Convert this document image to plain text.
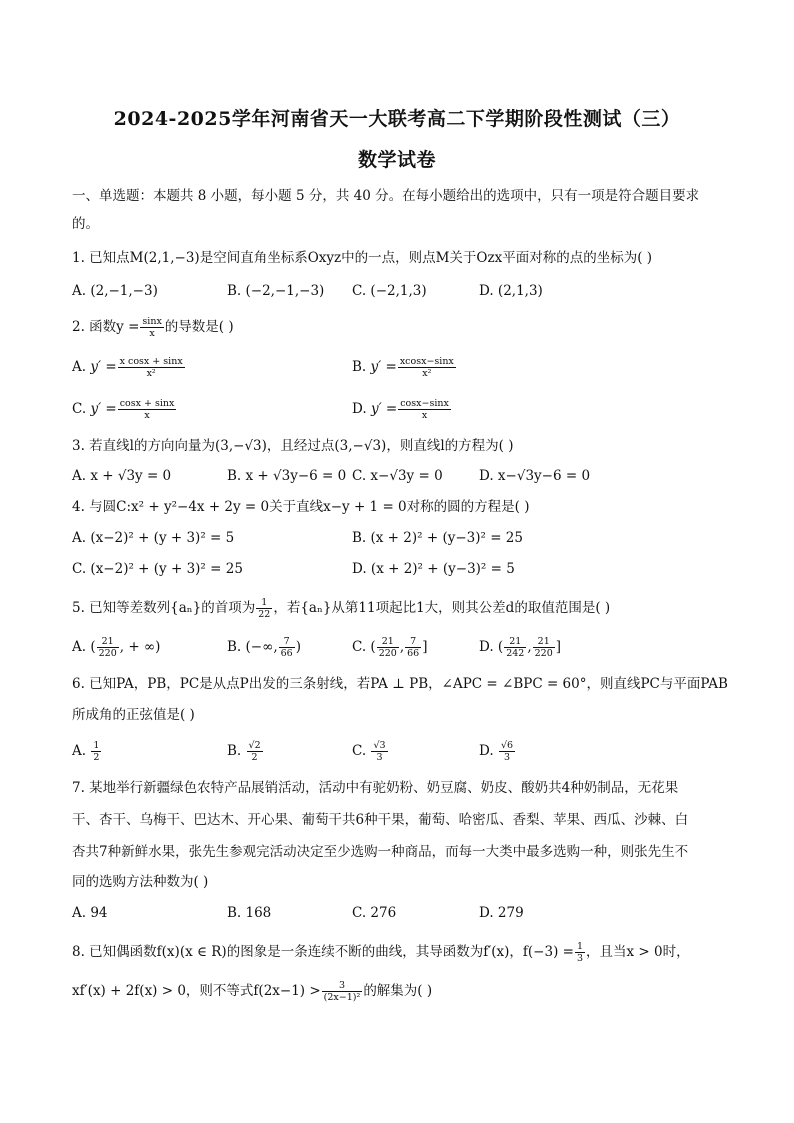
2024-2025学年河南省天一大联考高二下学期阶段性测试（三）
数学试卷
一、单选题：本题共 8 小题，每小题 5 分，共 40 分。在每小题给出的选项中，只有一项是符合题目要求
的。
1. 已知点M(2,1,−3)是空间直角坐标系Oxyz中的一点，则点M关于Ozx平面对称的点的坐标为( )
A. (2,−1,−3)	B. (−2,−1,−3) C. (−2,1,3)	D. (2,1,3)
2. 函数$y = \frac{\sin x}{x}$ 的导数是( )
A. $y' = \frac{\text{x cosx + sinx}}{\text{x²}}$	B. $y' = \frac{xcosx-\sin x}{\text{x²}}$
C. $y' = \frac{\cos x + \sin x}{x}$	D. $y' = \frac{\cos x-\sin x}{x}$
3. 若直线l的方向向量为(3,−√3)，且经过点(3,−√3)，则直线l的方程为( )
A. x + √3y = 0	B. x + √3y−6 = 0 C. x−√3y = 0	D. x−√3y−6 = 0
4. 与圆C:x² + y²−4x + 2y = 0关于直线x−y + 1 = 0对称的圆的方程是( )
A. (x−2)² + (y + 3)² = 5	B. (x + 2)² + (y−3)² = 25
C. (x−2)² + (y + 3)² = 25	D. (x + 2)² + (y−3)² = 5
5. 已知等差数列{aₙ}的首项为 $\frac{1}{22}$ ，若{aₙ}从第11项起比1大，则其公差d的取值范围是( )
A. ( $\frac{21}{220}$ , + ∞)	B. (−∞, $\frac{7}{66}$ )	C. ( $\frac{21}{220}$ , $\frac{7}{66}$ ]	D. ( $\frac{21}{242}$ , $\frac{21}{220}$ ]
6. 已知PA，PB，PC是从点P出发的三条射线，若PA ⊥ PB，∠APC = ∠BPC = 60°，则直线PC与平面PAB
所成角的正弦值是( )
A. $\frac{1}{2}$	B. $\frac{√2}{2}$	C. $\frac{√3}{3}$	D. $\frac{√6}{3}$
7. 某地举行新疆绿色农特产品展销活动，活动中有驼奶粉、奶豆腐、奶皮、酸奶共4种奶制品，无花果
干、杏干、乌梅干、巴达木、开心果、葡萄干共6种干果，葡萄、哈密瓜、香梨、苹果、西瓜、沙棘、白
杏共7种新鲜水果，张先生参观完活动决定至少选购一种商品，而每一大类中最多选购一种，则张先生不
同的选购方法种数为( )
A. 94	B. 168	C. 276	D. 279
8. 已知偶函数f(x)(x ∈ R)的图象是一条连续不断的曲线，其导函数为f′(x)，$f(-3) = \frac{1}{3}$ ，且当x > 0时，
xf′(x) + 2f(x) > 0，则不等式$f(2x-1) > \frac{3}{\text{(2x−1)²}}$ 的解集为( )
